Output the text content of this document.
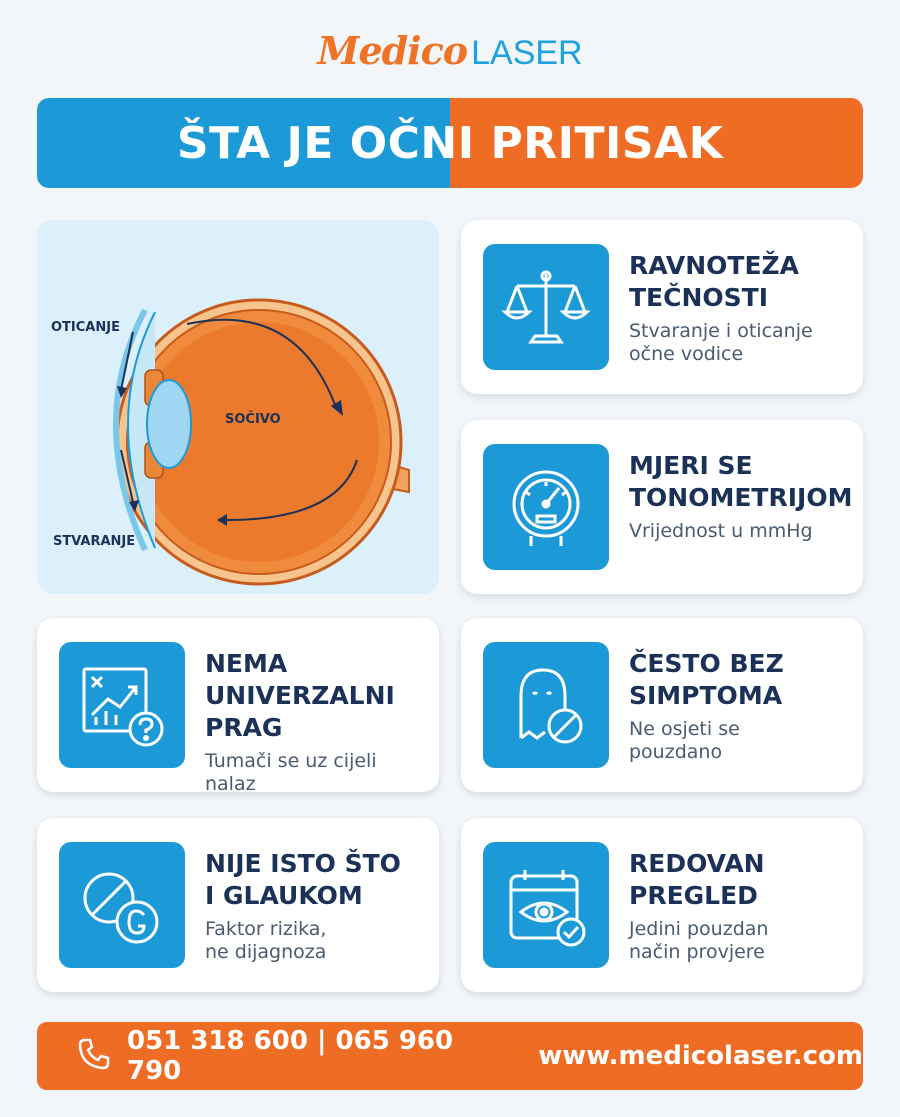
Medico LASER
ŠTA JE OČNI PRITISAK
OTICANJE
SOČIVO
STVARANJE
RAVNOTEŽA
TEČNOSTI
Stvaranje i oticanje
očne vodice
MJERI SE
TONOMETRIJOM
Vrijednost u mmHg
NEMA
UNIVERZALNI
PRAG
Tumači se uz cijeli nalaz
ČESTO BEZ
SIMPTOMA
Ne osjeti se
pouzdano
NIJE ISTO ŠTO
I GLAUKOM
Faktor rizika,
ne dijagnoza
REDOVAN
PREGLED
Jedini pouzdan
način provjere
051 318 600 | 065 960 790	www.medicolaser.com
